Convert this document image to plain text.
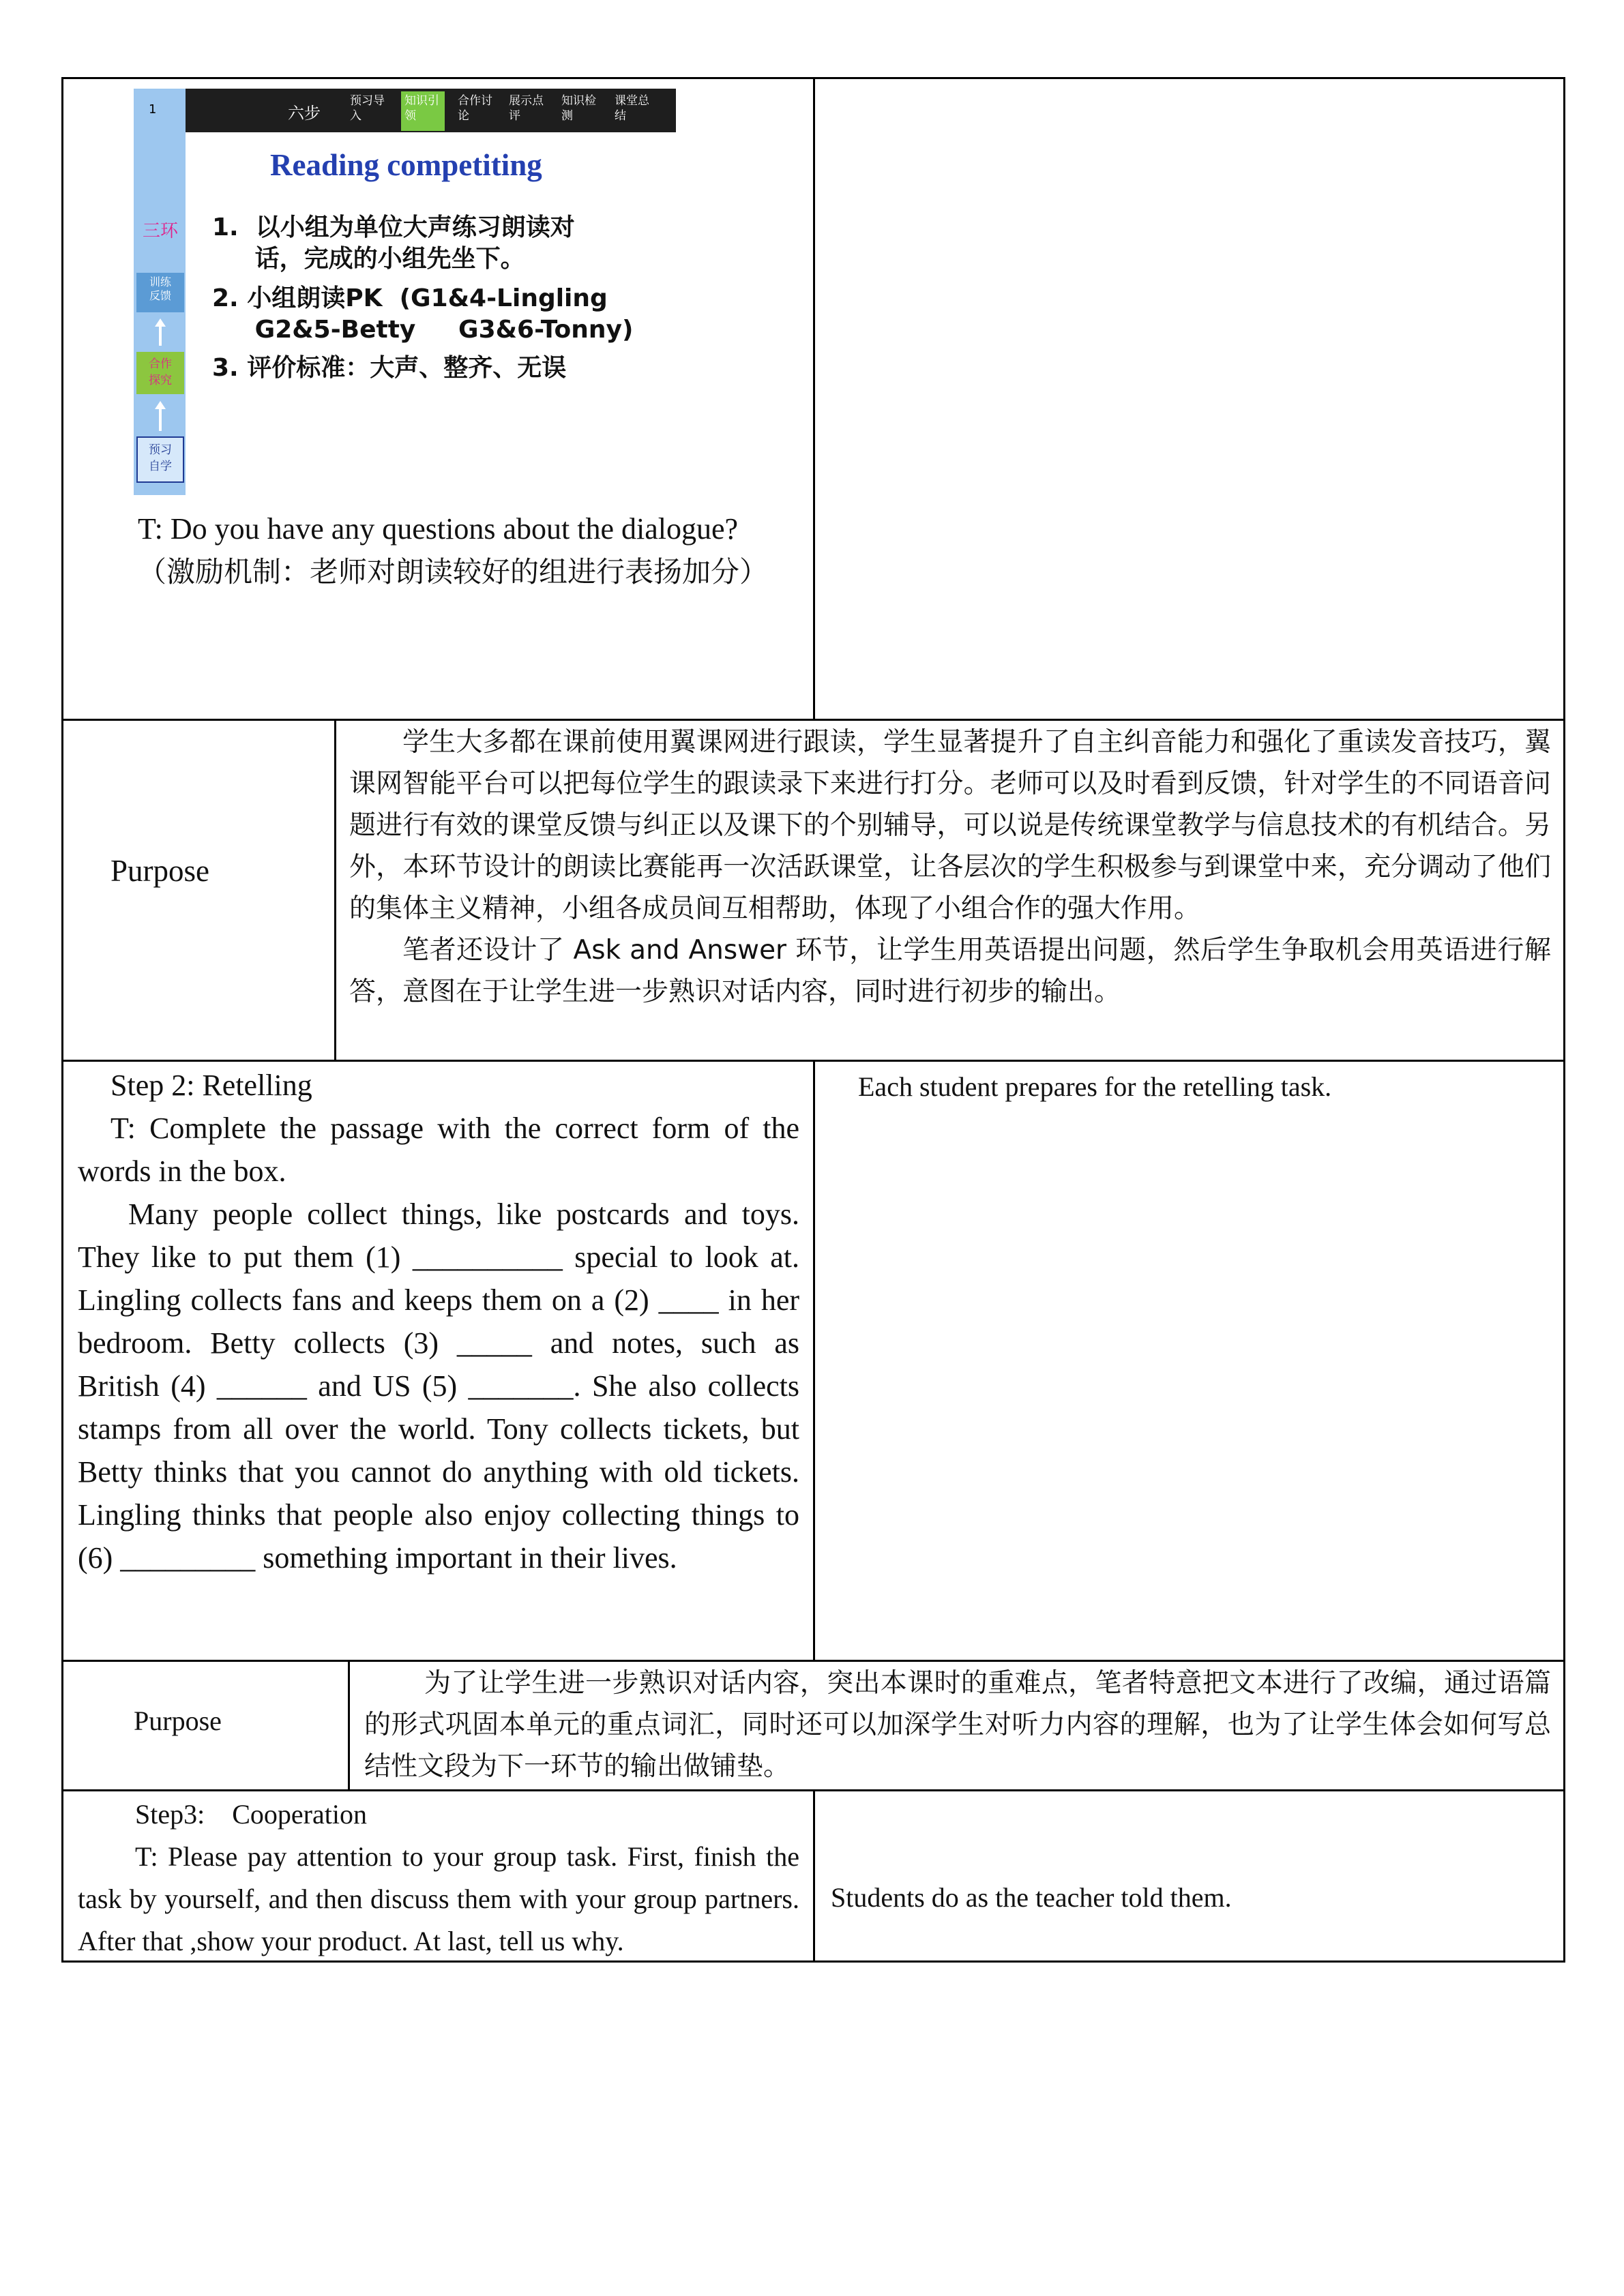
1	六步
预习导入
知识引领
合作讨论
展示点评
知识检测
课堂总结
三环
训练反馈
合作探究
预习自学
Reading competiting
1.  以小组为单位大声练习朗读对
话，完成的小组先坐下。
2. 小组朗读PK  (G1&4-Lingling
G2&5-Betty     G3&6-Tonny)
3. 评价标准：大声、整齐、无误

T: Do you have any questions about the dialogue?

（激励机制：老师对朗读较好的组进行表扬加分）

Purpose

学生大多都在课前使用翼课网进行跟读，学生显著提升了自主纠音能力和强化了重读发音技巧，翼课网智能平台可以把每位学生的跟读录下来进行打分。老师可以及时看到反馈，针对学生的不同语音问题进行有效的课堂反馈与纠正以及课下的个别辅导，可以说是传统课堂教学与信息技术的有机结合。另外，本环节设计的朗读比赛能再一次活跃课堂，让各层次的学生积极参与到课堂中来，充分调动了他们的集体主义精神，小组各成员间互相帮助，体现了小组合作的强大作用。

笔者还设计了 Ask and Answer 环节，让学生用英语提出问题，然后学生争取机会用英语进行解答，意图在于让学生进一步熟识对话内容，同时进行初步的输出。

Step 2: Retelling

T: Complete the passage with the correct form of the words in the box.

Many people collect things, like postcards and toys. They like to put them (1) __________ special to look at. Lingling collects fans and keeps them on a (2) ____ in her bedroom. Betty collects (3) _____ and notes, such as British (4) ______ and US (5) _______. She also collects stamps from all over the world. Tony collects tickets, but Betty thinks that you cannot do anything with old tickets. Lingling thinks that people also enjoy collecting things to (6) _________ something important in their lives.

Each student prepares for the retelling task.
Purpose
为了让学生进一步熟识对话内容，突出本课时的重难点，笔者特意把文本进行了改编，通过语篇的形式巩固本单元的重点词汇，同时还可以加深学生对听力内容的理解，也为了让学生体会如何写总结性文段为下一环节的输出做铺垫。

Step3:    Cooperation

T: Please pay attention to your group task. First, finish the task by yourself, and then discuss them with your group partners. After that ,show your product. At last, tell us why.

Students do as the teacher told them.
